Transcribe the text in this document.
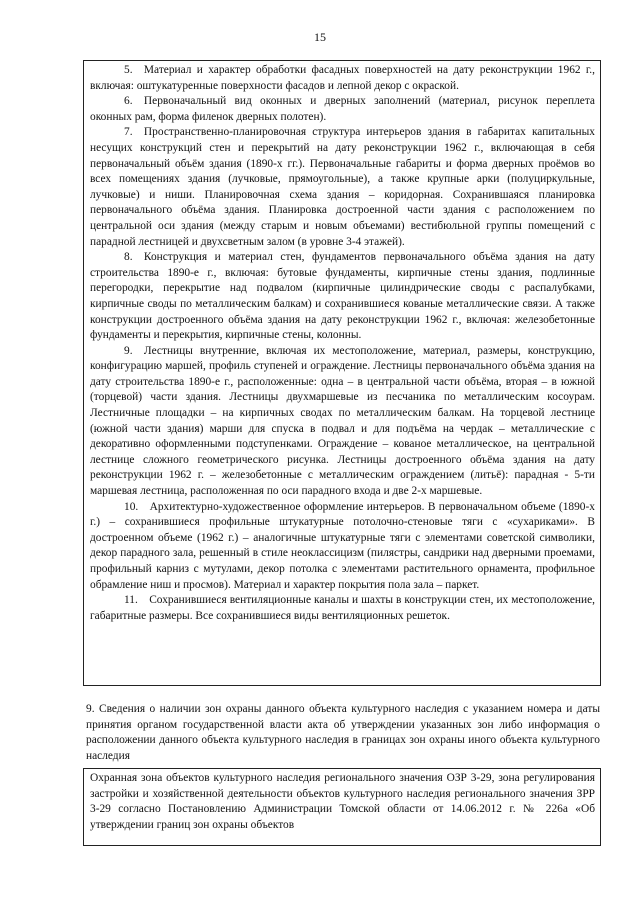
15

5. Материал и характер обработки фасадных поверхностей на дату реконструкции 1962 г., включая: оштукатуренные поверхности фасадов и лепной декор с окраской.

6. Первоначальный вид оконных и дверных заполнений (материал, рисунок переплета оконных рам, форма филенок дверных полотен).

7. Пространственно-планировочная структура интерьеров здания в габаритах капитальных несущих конструкций стен и перекрытий на дату реконструкции 1962 г., включающая в себя первоначальный объём здания (1890-х гг.). Первоначальные габариты и форма дверных проёмов во всех помещениях здания (лучковые, прямоугольные), а также крупные арки (полуциркульные, лучковые) и ниши. Планировочная схема здания – коридорная. Сохранившаяся планировка первоначального объёма здания. Планировка достроенной части здания с расположением по центральной оси здания (между старым и новым объемами) вестибюльной группы помещений с парадной лестницей и двухсветным залом (в уровне 3-4 этажей).

8. Конструкция и материал стен, фундаментов первоначального объёма здания на дату строительства 1890-е г., включая: бутовые фундаменты, кирпичные стены здания, подлинные перегородки, перекрытие над подвалом (кирпичные цилиндрические своды с распалубками, кирпичные своды по металлическим балкам) и сохранившиеся кованые металлические связи. А также конструкции достроенного объёма здания на дату реконструкции 1962 г., включая: железобетонные фундаменты и перекрытия, кирпичные стены, колонны.

9. Лестницы внутренние, включая их местоположение, материал, размеры, конструкцию, конфигурацию маршей, профиль ступеней и ограждение. Лестницы первоначального объёма здания на дату строительства 1890-е г., расположенные: одна – в центральной части объёма, вторая – в южной (торцевой) части здания. Лестницы двухмаршевые из песчаника по металлическим косоурам. Лестничные площадки – на кирпичных сводах по металлическим балкам. На торцевой лестнице (южной части здания) марши для спуска в подвал и для подъёма на чердак – металлические с декоративно оформленными подступенками. Ограждение – кованое металлическое, на центральной лестнице сложного геометрического рисунка. Лестницы достроенного объёма здания на дату реконструкции 1962 г. – железобетонные с металлическим ограждением (литьё): парадная - 5-ти маршевая лестница, расположенная по оси парадного входа и две 2-х маршевые.

10. Архитектурно-художественное оформление интерьеров. В первоначальном объеме (1890-х г.) – сохранившиеся профильные штукатурные потолочно-стеновые тяги с «сухариками». В достроенном объеме (1962 г.) – аналогичные штукатурные тяги с элементами советской символики, декор парадного зала, решенный в стиле неоклассицизм (пилястры, сандрики над дверными проемами, профильный карниз с мутулами, декор потолка с элементами растительного орнамента, профильное обрамление ниш и просмов). Материал и характер покрытия пола зала – паркет.

11. Сохранившиеся вентиляционные каналы и шахты в конструкции стен, их местоположение, габаритные размеры. Все сохранившиеся виды вентиляционных решеток.

9. Сведения о наличии зон охраны данного объекта культурного наследия с указанием номера и даты принятия органом государственной власти акта об утверждении указанных зон либо информация о расположении данного объекта культурного наследия в границах зон охраны иного объекта культурного наследия

Охранная зона объектов культурного наследия регионального значения ОЗР 3-29, зона регулирования застройки и хозяйственной деятельности объектов культурного наследия регионального значения ЗРР 3-29 согласно Постановлению Администрации Томской области от 14.06.2012 г. № 226а «Об утверждении границ зон охраны объектов
